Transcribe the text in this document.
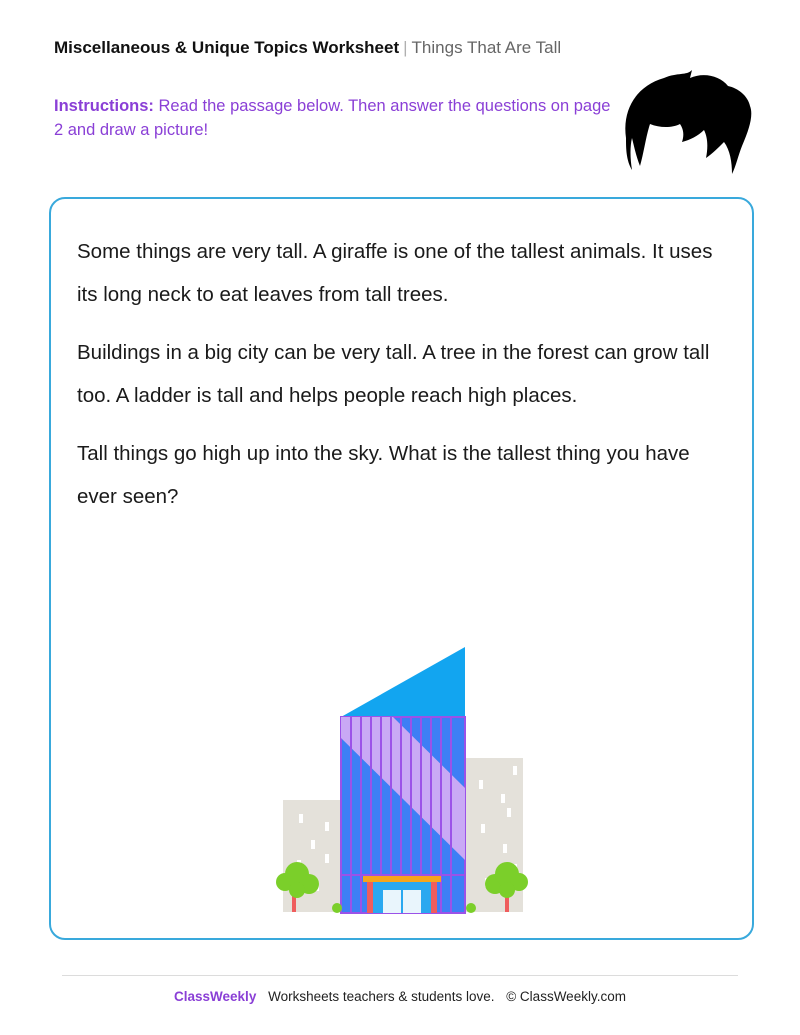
Miscellaneous & Unique Topics Worksheet | Things That Are Tall
Instructions: Read the passage below. Then answer the questions on page 2 and draw a picture!

Some things are very tall. A giraffe is one of the tallest animals. It uses its long neck to eat leaves from tall trees.

Buildings in a big city can be very tall. A tree in the forest can grow tall too. A ladder is tall and helps people reach high places.

Tall things go high up into the sky. What is the tallest thing you have ever seen?

ClassWeekly Worksheets teachers & students love. © ClassWeekly.com
